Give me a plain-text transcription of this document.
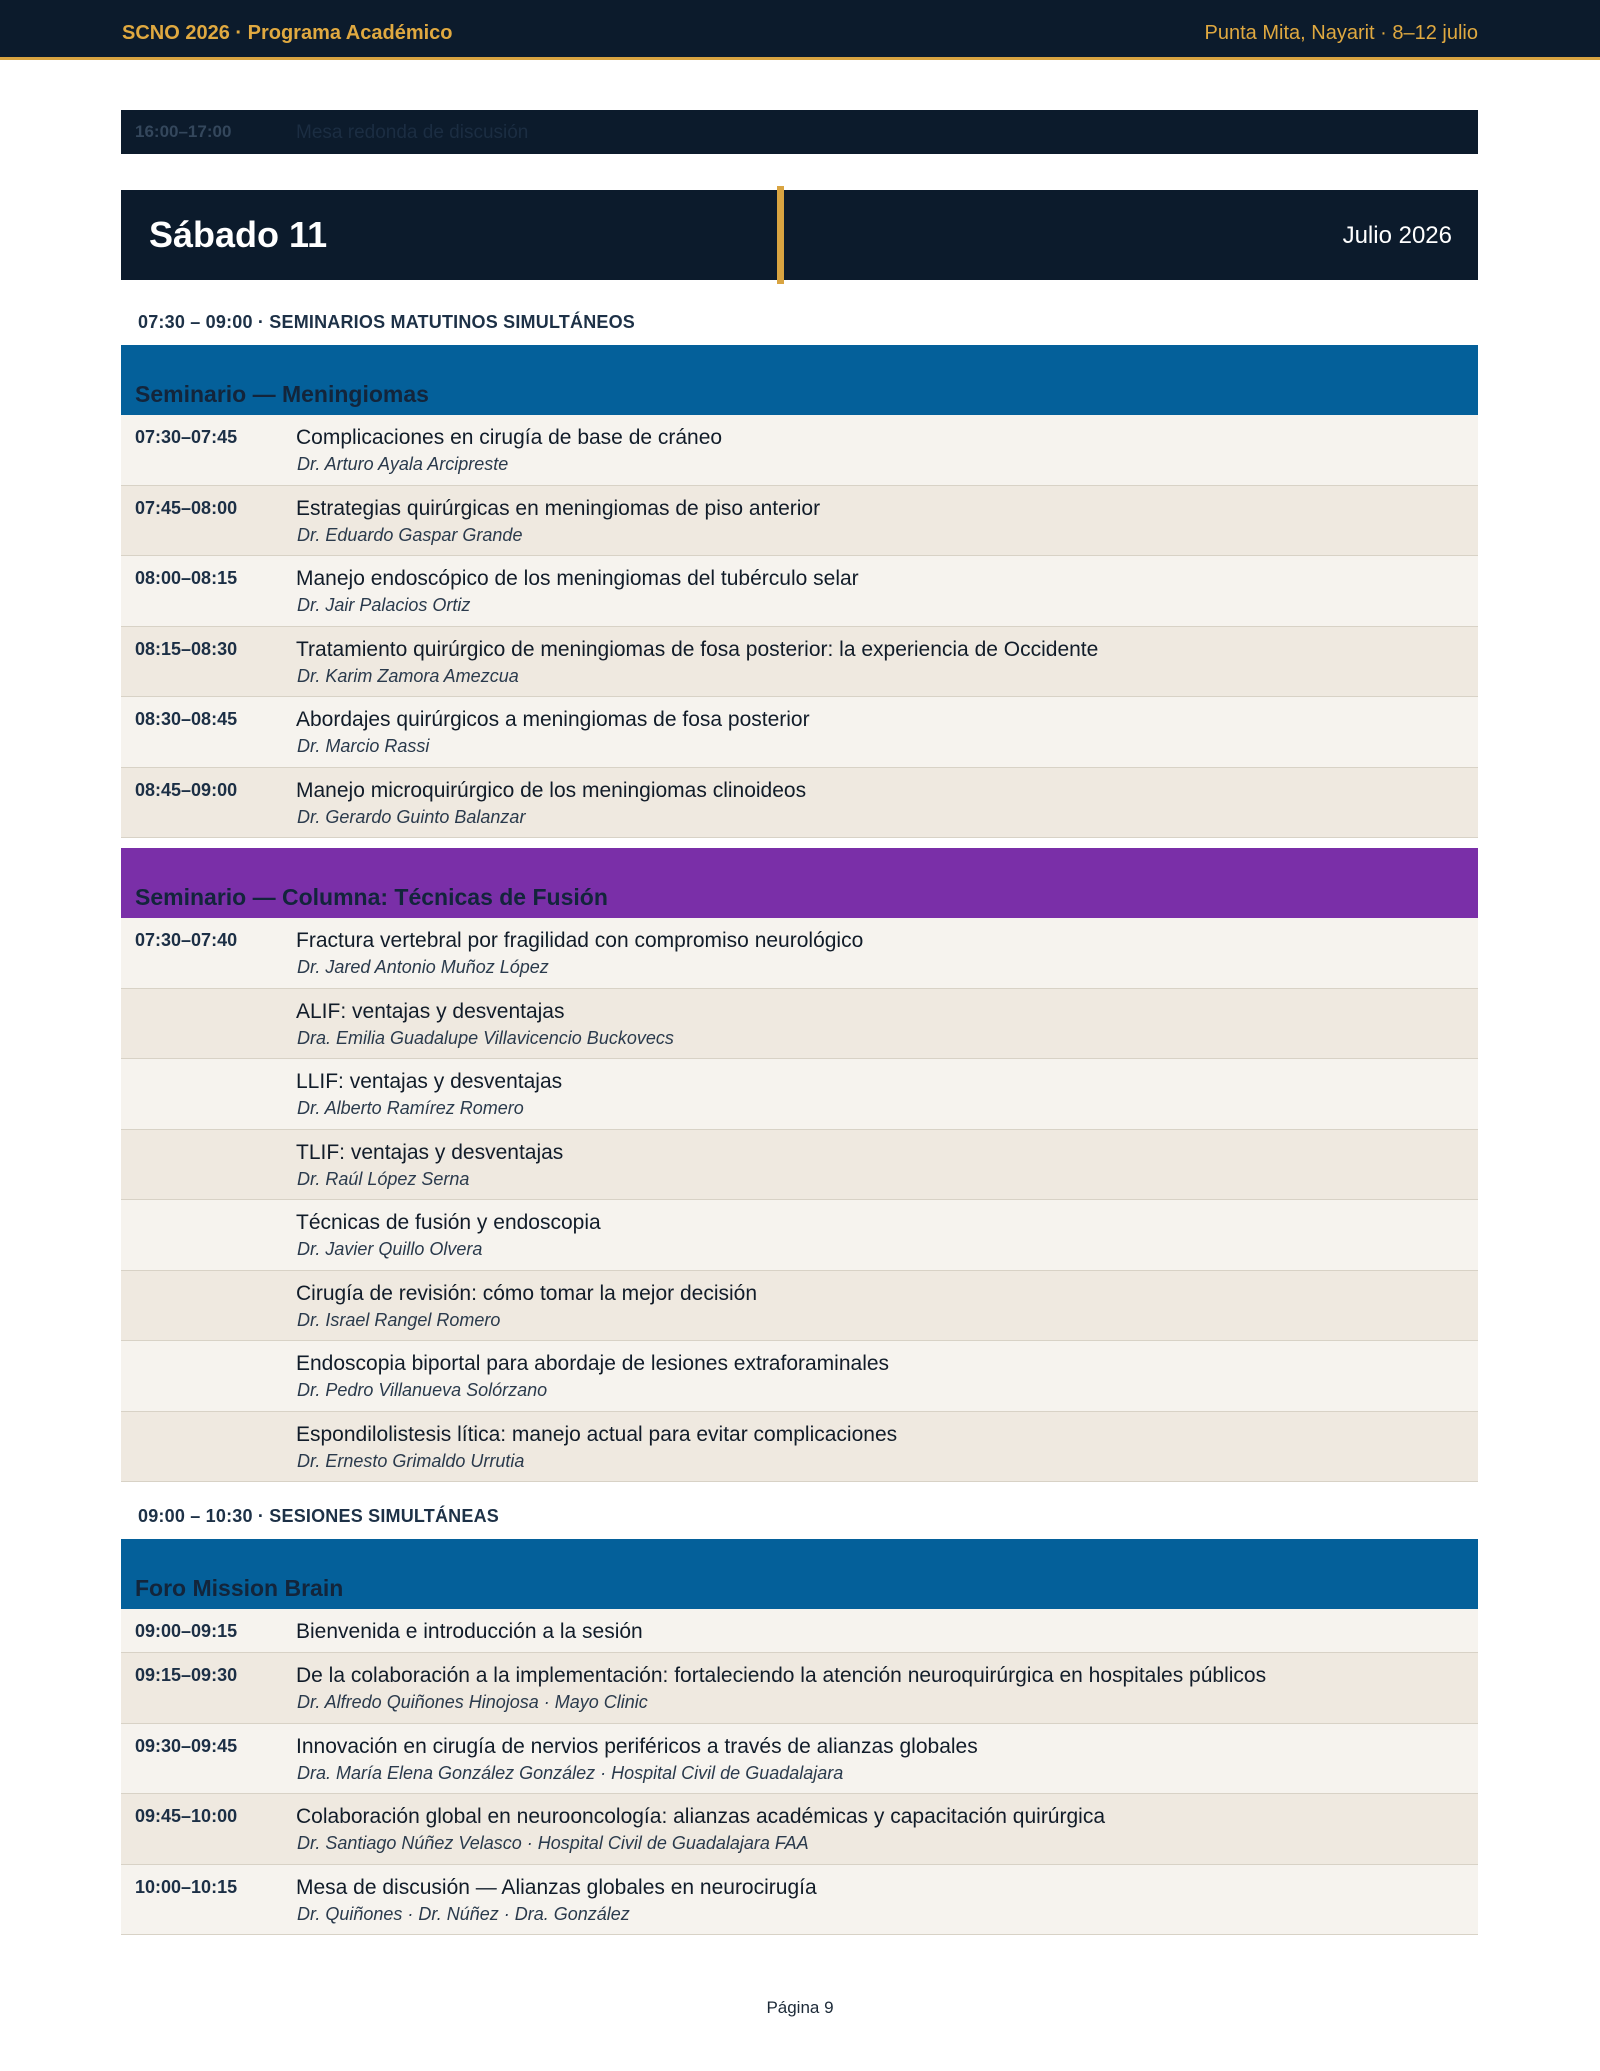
SCNO 2026 · Programa Académico	Punta Mita, Nayarit · 8–12 julio
16:00–17:00	Mesa redonda de discusión
Sábado 11	Julio 2026
07:30 – 09:00 · SEMINARIOS MATUTINOS SIMULTÁNEOS
Seminario — Meningiomas
07:30–07:45	Complicaciones en cirugía de base de cráneo
Dr. Arturo Ayala Arcipreste
07:45–08:00	Estrategias quirúrgicas en meningiomas de piso anterior
Dr. Eduardo Gaspar Grande
08:00–08:15	Manejo endoscópico de los meningiomas del tubérculo selar
Dr. Jair Palacios Ortiz
08:15–08:30	Tratamiento quirúrgico de meningiomas de fosa posterior: la experiencia de Occidente
Dr. Karim Zamora Amezcua
08:30–08:45	Abordajes quirúrgicos a meningiomas de fosa posterior
Dr. Marcio Rassi
08:45–09:00	Manejo microquirúrgico de los meningiomas clinoideos
Dr. Gerardo Guinto Balanzar
Seminario — Columna: Técnicas de Fusión
07:30–07:40	Fractura vertebral por fragilidad con compromiso neurológico
Dr. Jared Antonio Muñoz López
ALIF: ventajas y desventajas
Dra. Emilia Guadalupe Villavicencio Buckovecs
LLIF: ventajas y desventajas
Dr. Alberto Ramírez Romero
TLIF: ventajas y desventajas
Dr. Raúl López Serna
Técnicas de fusión y endoscopia
Dr. Javier Quillo Olvera
Cirugía de revisión: cómo tomar la mejor decisión
Dr. Israel Rangel Romero
Endoscopia biportal para abordaje de lesiones extraforaminales
Dr. Pedro Villanueva Solórzano
Espondilolistesis lítica: manejo actual para evitar complicaciones
Dr. Ernesto Grimaldo Urrutia
09:00 – 10:30 · SESIONES SIMULTÁNEAS
Foro Mission Brain
09:00–09:15	Bienvenida e introducción a la sesión
09:15–09:30	De la colaboración a la implementación: fortaleciendo la atención neuroquirúrgica en hospitales públicos
Dr. Alfredo Quiñones Hinojosa · Mayo Clinic
09:30–09:45	Innovación en cirugía de nervios periféricos a través de alianzas globales
Dra. María Elena González González · Hospital Civil de Guadalajara
09:45–10:00	Colaboración global en neurooncología: alianzas académicas y capacitación quirúrgica
Dr. Santiago Núñez Velasco · Hospital Civil de Guadalajara FAA
10:00–10:15	Mesa de discusión — Alianzas globales en neurocirugía
Dr. Quiñones · Dr. Núñez · Dra. González
Página 9
